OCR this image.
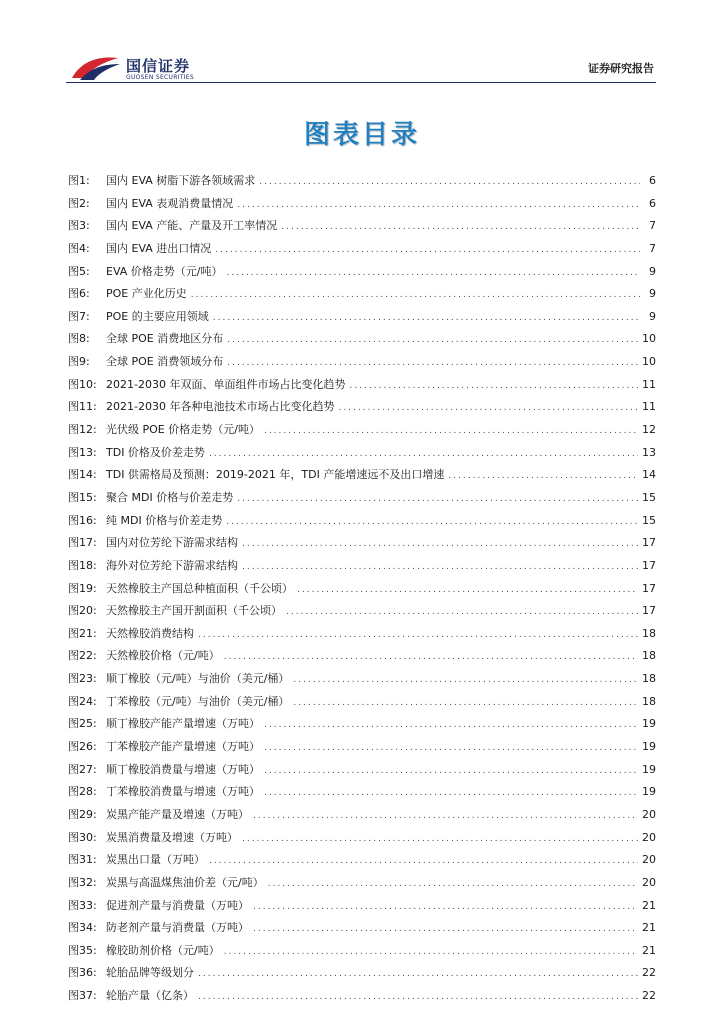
国信证券
GUOSEN SECURITIES
证券研究报告
图表目录
图1:	国内 EVA 树脂下游各领域需求 .....	6
图2:	国内 EVA 表观消费量情况 .....	6
图3:	国内 EVA 产能、产量及开工率情况 .....	7
图4:	国内 EVA 进出口情况 .....	7
图5:	EVA 价格走势（元/吨） .....	9
图6:	POE 产业化历史 .....	9
图7:	POE 的主要应用领域 .....	9
图8:	全球 POE 消费地区分布 .....	10
图9:	全球 POE 消费领域分布 .....	10
图10: 2021-2030 年双面、单面组件市场占比变化趋势 .....	11
图11: 2021-2030 年各种电池技术市场占比变化趋势 .....	11
图12: 光伏级 POE 价格走势（元/吨） .....	12
图13: TDI 价格及价差走势 .....	13
图14: TDI 供需格局及预测：2019-2021 年，TDI 产能增速远不及出口增速 .....	14
图15: 聚合 MDI 价格与价差走势 .....	15
图16: 纯 MDI 价格与价差走势 .....	15
图17: 国内对位芳纶下游需求结构 .....	17
图18: 海外对位芳纶下游需求结构 .....	17
图19: 天然橡胶主产国总种植面积（千公顷） .....	17
图20: 天然橡胶主产国开割面积（千公顷） .....	17
图21: 天然橡胶消费结构 .....	18
图22: 天然橡胶价格（元/吨） .....	18
图23: 顺丁橡胶（元/吨）与油价（美元/桶） .....	18
图24: 丁苯橡胶（元/吨）与油价（美元/桶） .....	18
图25: 顺丁橡胶产能产量增速（万吨） .....	19
图26: 丁苯橡胶产能产量增速（万吨） .....	19
图27: 顺丁橡胶消费量与增速（万吨） .....	19
图28: 丁苯橡胶消费量与增速（万吨） .....	19
图29: 炭黑产能产量及增速（万吨） .....	20
图30: 炭黑消费量及增速（万吨） .....	20
图31: 炭黑出口量（万吨） .....	20
图32: 炭黑与高温煤焦油价差（元/吨） .....	20
图33: 促进剂产量与消费量（万吨） .....	21
图34: 防老剂产量与消费量（万吨） .....	21
图35: 橡胶助剂价格（元/吨） .....	21
图36: 轮胎品牌等级划分 .....	22
图37: 轮胎产量（亿条） .....	22
